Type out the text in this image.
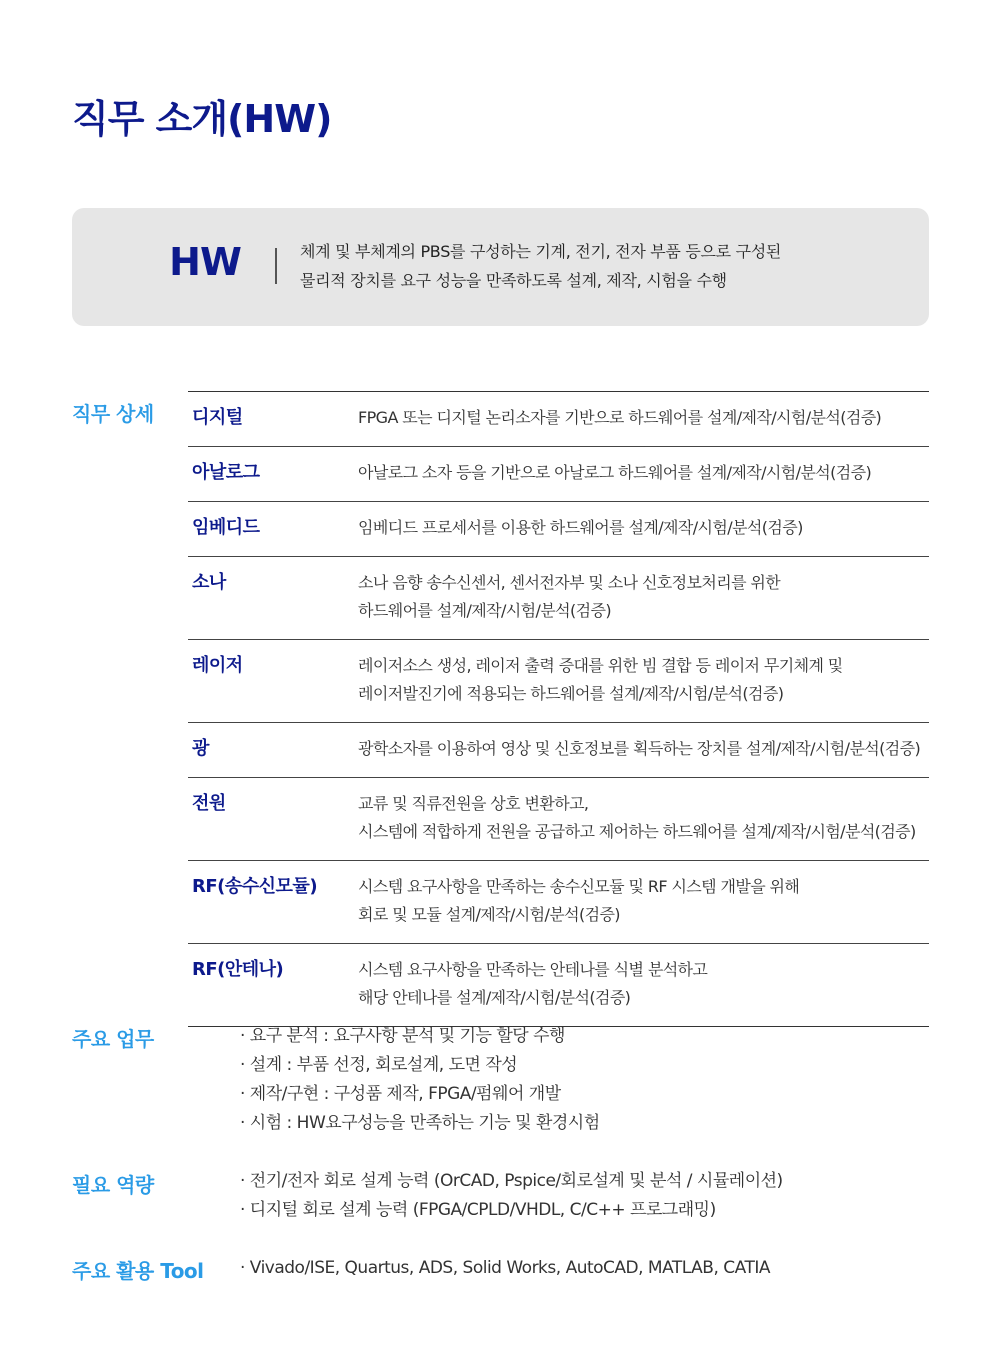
직무 소개(HW)
HW	체계 및 부체계의 PBS를 구성하는 기계, 전기, 전자 부품 등으로 구성된
물리적 장치를 요구 성능을 만족하도록 설계, 제작, 시험을 수행
직무 상세 디지털	FPGA 또는 디지털 논리소자를 기반으로 하드웨어를 설계/제작/시험/분석(검증)
아날로그	아날로그 소자 등을 기반으로 아날로그 하드웨어를 설계/제작/시험/분석(검증)
임베디드	임베디드 프로세서를 이용한 하드웨어를 설계/제작/시험/분석(검증)
소나	소나 음향 송수신센서, 센서전자부 및 소나 신호정보처리를 위한
하드웨어를 설계/제작/시험/분석(검증)
레이저	레이저소스 생성, 레이저 출력 증대를 위한 빔 결합 등 레이저 무기체계 및
레이저발진기에 적용되는 하드웨어를 설계/제작/시험/분석(검증)
광	광학소자를 이용하여 영상 및 신호정보를 획득하는 장치를 설계/제작/시험/분석(검증)
전원	교류 및 직류전원을 상호 변환하고,
시스템에 적합하게 전원을 공급하고 제어하는 하드웨어를 설계/제작/시험/분석(검증)
RF(송수신모듈)	시스템 요구사항을 만족하는 송수신모듈 및 RF 시스템 개발을 위해
회로 및 모듈 설계/제작/시험/분석(검증)
RF(안테나)	시스템 요구사항을 만족하는 안테나를 식별 분석하고
해당 안테나를 설계/제작/시험/분석(검증)
주요 업무	· 요구 분석 : 요구사항 분석 및 기능 할당 수행
· 설계 : 부품 선정, 회로설계, 도면 작성
· 제작/구현 : 구성품 제작, FPGA/펌웨어 개발
· 시험 : HW요구성능을 만족하는 기능 및 환경시험
필요 역량	· 전기/전자 회로 설계 능력 (OrCAD, Pspice/회로설계 및 분석 / 시뮬레이션)
· 디지털 회로 설계 능력 (FPGA/CPLD/VHDL, C/C++ 프로그래밍)
주요 활용 Tool · Vivado/ISE, Quartus, ADS, Solid Works, AutoCAD, MATLAB, CATIA
